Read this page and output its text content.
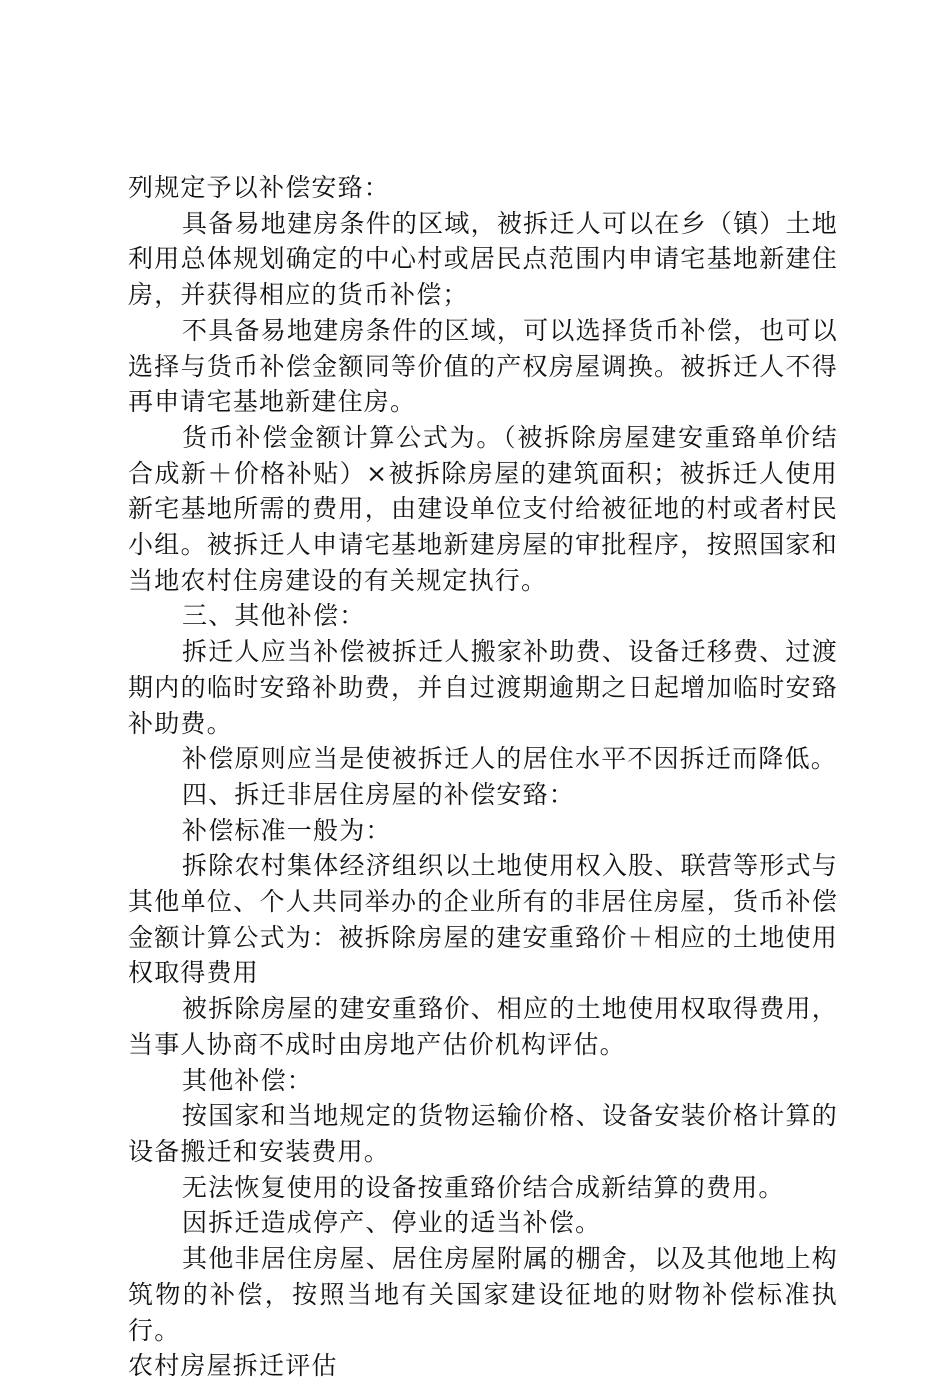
列规定予以补偿安臵：

具备易地建房条件的区域，被拆迁人可以在乡（镇）土地利用总体规划确定的中心村或居民点范围内申请宅基地新建住房，并获得相应的货币补偿；

不具备易地建房条件的区域，可以选择货币补偿，也可以选择与货币补偿金额同等价值的产权房屋调换。被拆迁人不得再申请宅基地新建住房。

货币补偿金额计算公式为。（被拆除房屋建安重臵单价结合成新＋价格补贴）×被拆除房屋的建筑面积；被拆迁人使用新宅基地所需的费用，由建设单位支付给被征地的村或者村民小组。被拆迁人申请宅基地新建房屋的审批程序，按照国家和当地农村住房建设的有关规定执行。

三、其他补偿：

拆迁人应当补偿被拆迁人搬家补助费、设备迁移费、过渡期内的临时安臵补助费，并自过渡期逾期之日起增加临时安臵补助费。

补偿原则应当是使被拆迁人的居住水平不因拆迁而降低。

四、拆迁非居住房屋的补偿安臵：

补偿标准一般为：

拆除农村集体经济组织以土地使用权入股、联营等形式与其他单位、个人共同举办的企业所有的非居住房屋，货币补偿金额计算公式为：被拆除房屋的建安重臵价＋相应的土地使用权取得费用

被拆除房屋的建安重臵价、相应的土地使用权取得费用，当事人协商不成时由房地产估价机构评估。

其他补偿：

按国家和当地规定的货物运输价格、设备安装价格计算的设备搬迁和安装费用。

无法恢复使用的设备按重臵价结合成新结算的费用。

因拆迁造成停产、停业的适当补偿。

其他非居住房屋、居住房屋附属的棚舍，以及其他地上构筑物的补偿，按照当地有关国家建设征地的财物补偿标准执行。

农村房屋拆迁评估
